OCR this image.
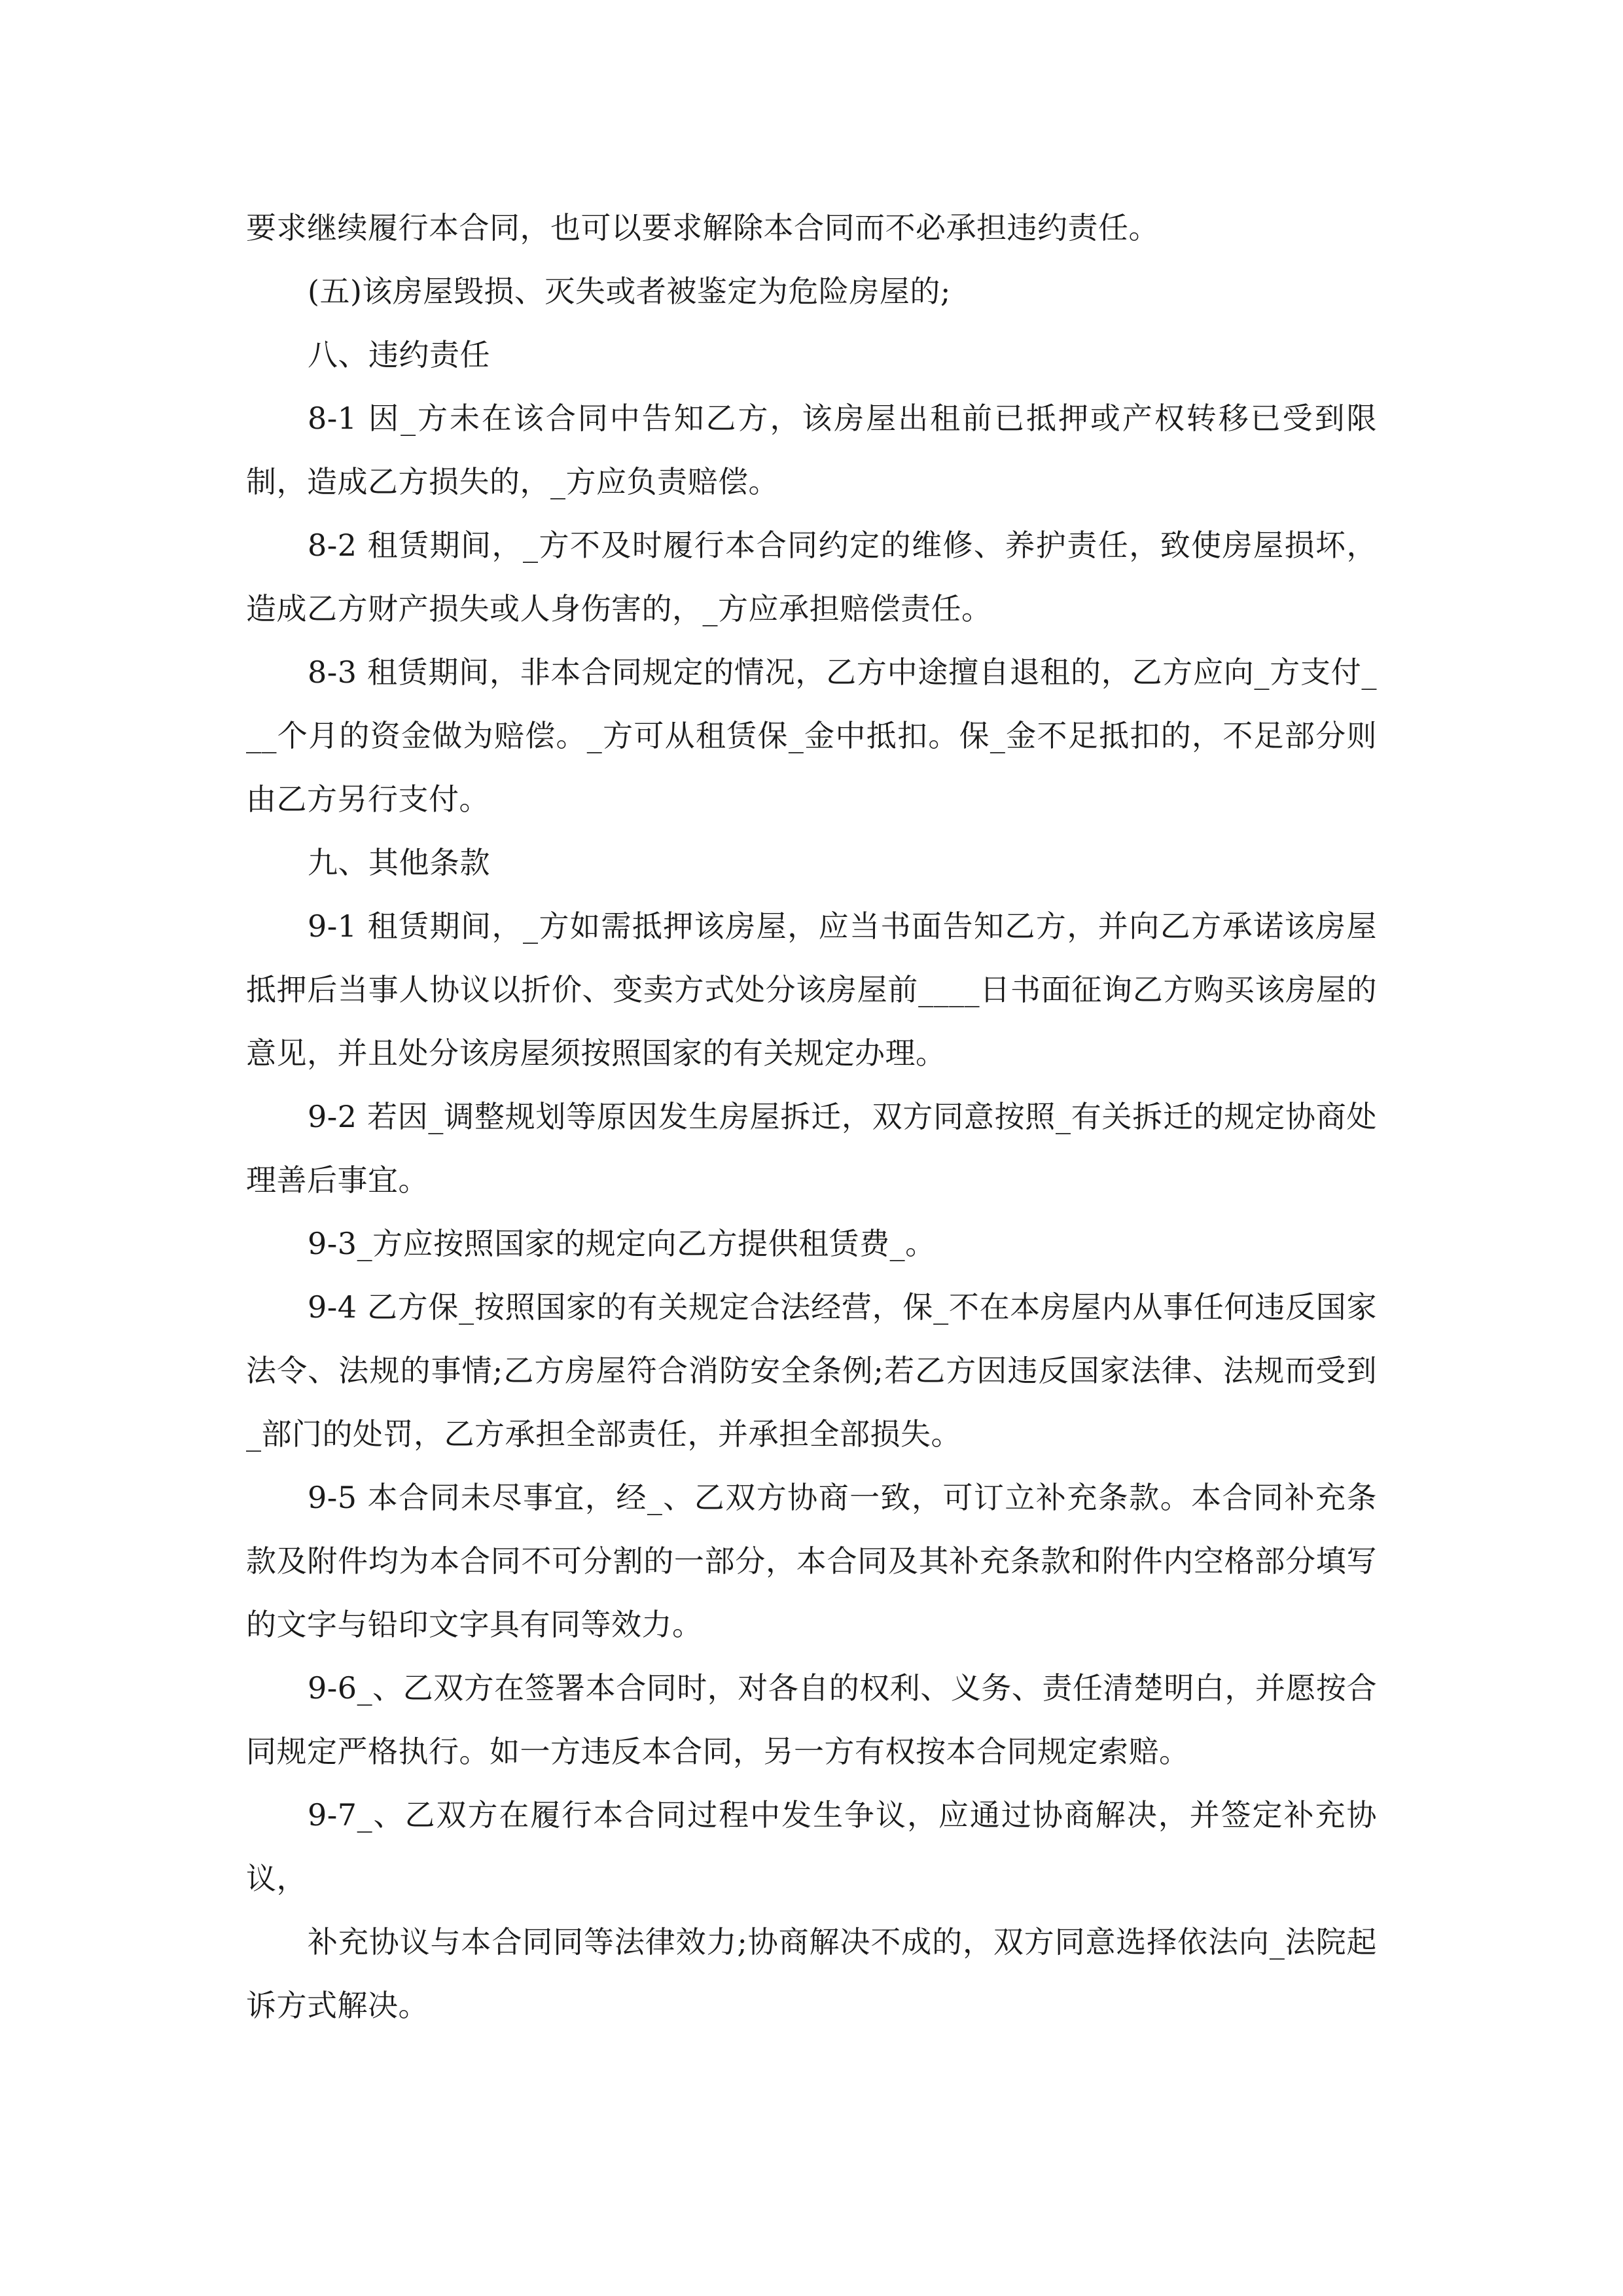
要求继续履行本合同，也可以要求解除本合同而不必承担违约责任。

(五)该房屋毁损、灭失或者被鉴定为危险房屋的;

八、违约责任

8-1 因_方未在该合同中告知乙方，该房屋出租前已抵押或产权转移已受到限制，造成乙方损失的，_方应负责赔偿。

8-2 租赁期间，_方不及时履行本合同约定的维修、养护责任，致使房屋损坏，造成乙方财产损失或人身伤害的，_方应承担赔偿责任。

8-3 租赁期间，非本合同规定的情况，乙方中途擅自退租的，乙方应向_方支付___个月的资金做为赔偿。_方可从租赁保_金中抵扣。保_金不足抵扣的，不足部分则由乙方另行支付。

九、其他条款

9-1 租赁期间，_方如需抵押该房屋，应当书面告知乙方，并向乙方承诺该房屋抵押后当事人协议以折价、变卖方式处分该房屋前____日书面征询乙方购买该房屋的意见，并且处分该房屋须按照国家的有关规定办理。

9-2 若因_调整规划等原因发生房屋拆迁，双方同意按照_有关拆迁的规定协商处理善后事宜。

9-3_方应按照国家的规定向乙方提供租赁费_。

9-4 乙方保_按照国家的有关规定合法经营，保_不在本房屋内从事任何违反国家法令、法规的事情;乙方房屋符合消防安全条例;若乙方因违反国家法律、法规而受到_部门的处罚，乙方承担全部责任，并承担全部损失。

9-5 本合同未尽事宜，经_、乙双方协商一致，可订立补充条款。本合同补充条款及附件均为本合同不可分割的一部分，本合同及其补充条款和附件内空格部分填写的文字与铅印文字具有同等效力。

9-6_、乙双方在签署本合同时，对各自的权利、义务、责任清楚明白，并愿按合同规定严格执行。如一方违反本合同，另一方有权按本合同规定索赔。

9-7_、乙双方在履行本合同过程中发生争议，应通过协商解决，并签定补充协议，

补充协议与本合同同等法律效力;协商解决不成的，双方同意选择依法向_法院起诉方式解决。
